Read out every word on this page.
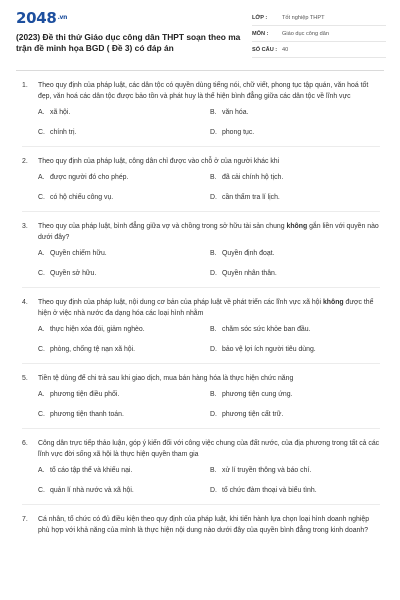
$2048^{.vn}$
(2023) Đề thi thử Giáo dục công dân THPT soạn theo ma trận đề minh họa BGD ( Đề 3) có đáp án
LỚP :	Tốt nghiệp THPT
MÔN :	Giáo dục công dân
SỐ CÂU : 40
1.	Theo quy định của pháp luật, các dân tộc có quyền dùng tiếng nói, chữ viết, phong tục tập quán, văn hoá tốt đẹp, văn hoá các dân tộc được bảo tồn và phát huy là thể hiện bình đẳng giữa các dân tộc về lĩnh vực
A. xã hội.	B. văn hóa.
C. chính trị.	D. phong tục.
2.	Theo quy định của pháp luật, công dân chỉ được vào chỗ ở của người khác khi
A. được người đó cho phép.	B. đã cải chính hộ tịch.
C. có hộ chiếu công vụ.	D. cần thẩm tra lí lịch.
3.	Theo quy của pháp luật, bình đẳng giữa vợ và chồng trong sở hữu tài sản chung không gắn liền với quyền nào dưới đây?
A. Quyền chiếm hữu.	B. Quyền định đoạt.
C. Quyền sở hữu.	D. Quyền nhân thân.
4.	Theo quy định của pháp luật, nội dung cơ bản của pháp luật về phát triển các lĩnh vực xã hội không được thể hiện ở việc nhà nước đa dạng hóa các loại hình nhằm
A. thực hiện xóa đói, giảm nghèo.	B. chăm sóc sức khỏe ban đầu.
C. phòng, chống tệ nạn xã hội.	D. bảo vệ lợi ích người tiêu dùng.
5.	Tiền tệ dùng để chi trả sau khi giao dịch, mua bán hàng hóa là thực hiện chức năng
A. phương tiện điều phối.	B. phương tiện cung ứng.
C. phương tiện thanh toán.	D. phương tiện cất trữ.
6.	Công dân trực tiếp thảo luận, góp ý kiến đối với công việc chung của đất nước, của địa phương trong tất cả các lĩnh vực đời sống xã hội là thực hiện quyền tham gia
A. tổ cáo tập thể và khiếu nại.	B. xử lí truyền thông và báo chí.
C. quản lí nhà nước và xã hội.	D. tổ chức đàm thoại và biểu tình.
7.	Cá nhân, tổ chức có đủ điều kiện theo quy định của pháp luật, khi tiến hành lựa chọn loại hình doanh nghiệp phù hợp với khả năng của mình là thực hiện nội dung nào dưới đây của quyền bình đẳng trong kinh doanh?
